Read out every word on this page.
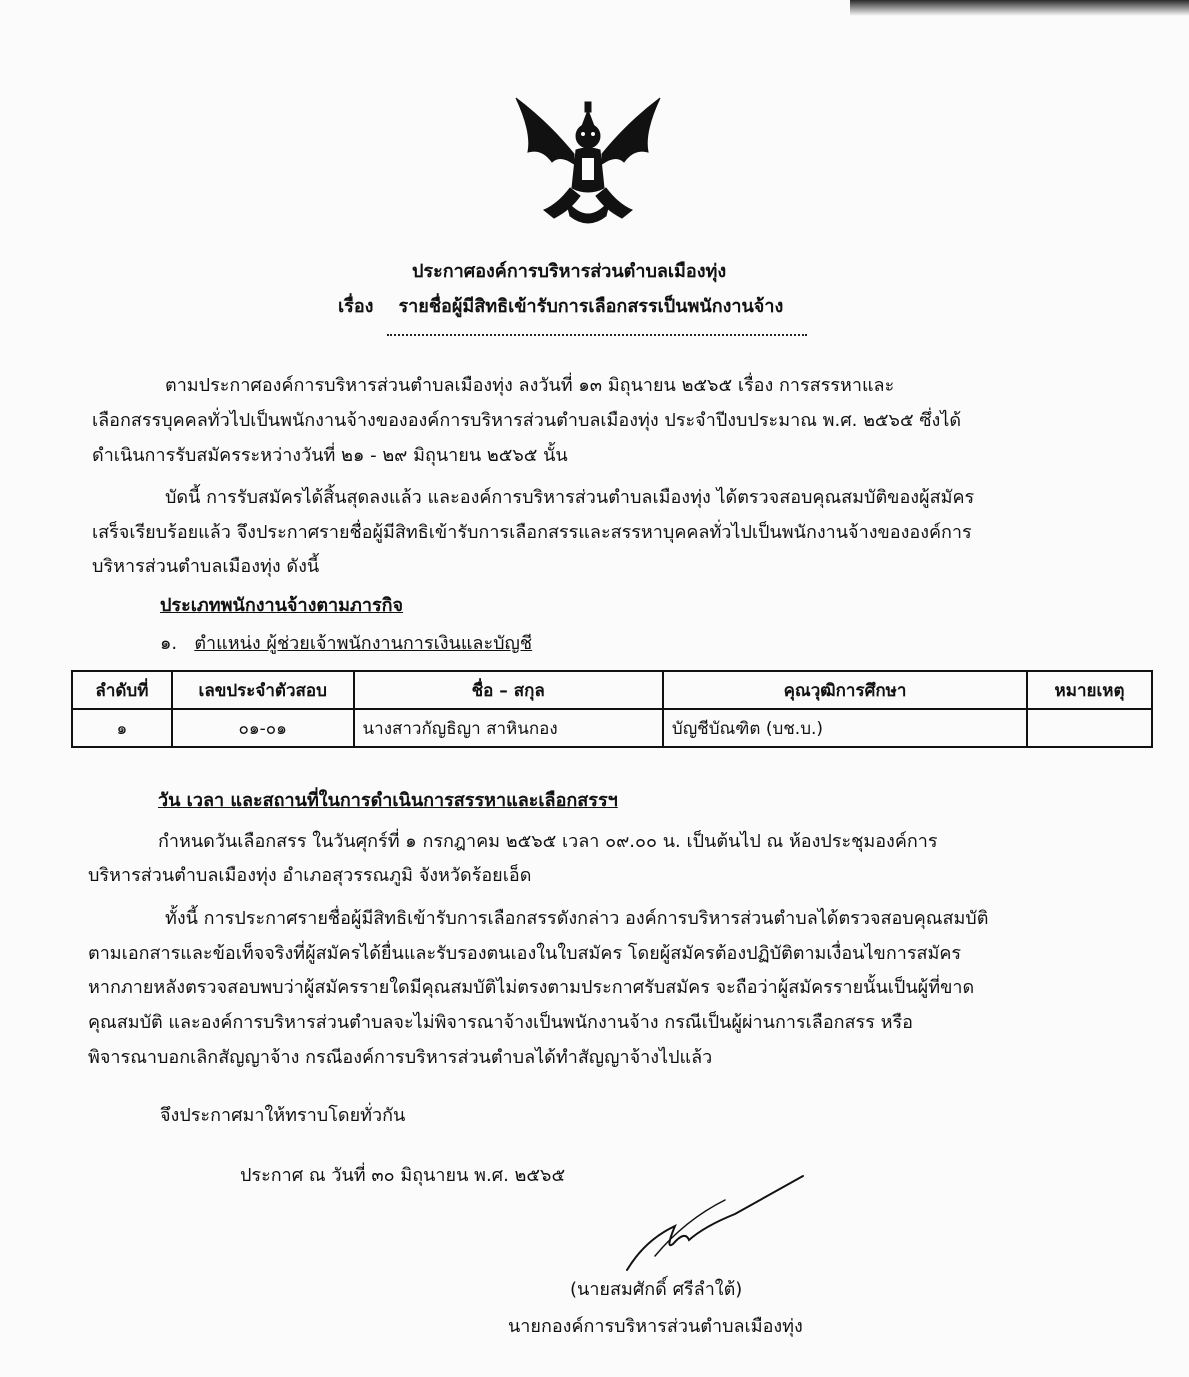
ประกาศองค์การบริหารส่วนตำบลเมืองทุ่ง
เรื่อง รายชื่อผู้มีสิทธิเข้ารับการเลือกสรรเป็นพนักงานจ้าง
ตามประกาศองค์การบริหารส่วนตำบลเมืองทุ่ง ลงวันที่ ๑๓ มิถุนายน ๒๕๖๕ เรื่อง การสรรหาและ
เลือกสรรบุคคลทั่วไปเป็นพนักงานจ้างขององค์การบริหารส่วนตำบลเมืองทุ่ง ประจำปีงบประมาณ พ.ศ. ๒๕๖๕ ซึ่งได้
ดำเนินการรับสมัครระหว่างวันที่ ๒๑ - ๒๙ มิถุนายน ๒๕๖๕ นั้น
บัดนี้ การรับสมัครได้สิ้นสุดลงแล้ว และองค์การบริหารส่วนตำบลเมืองทุ่ง ได้ตรวจสอบคุณสมบัติของผู้สมัคร
เสร็จเรียบร้อยแล้ว จึงประกาศรายชื่อผู้มีสิทธิเข้ารับการเลือกสรรและสรรหาบุคคลทั่วไปเป็นพนักงานจ้างขององค์การ
บริหารส่วนตำบลเมืองทุ่ง ดังนี้
ประเภทพนักงานจ้างตามภารกิจ
๑. ตำแหน่ง ผู้ช่วยเจ้าพนักงานการเงินและบัญชี
ลำดับที่	เลขประจำตัวสอบ	ชื่อ – สกุล	คุณวุฒิการศึกษา	หมายเหตุ
๑	๐๑-๐๑	นางสาวกัญธิญา สาหินกอง	บัญชีบัณฑิต (บช.บ.)	
วัน เวลา และสถานที่ในการดำเนินการสรรหาและเลือกสรรฯ
กำหนดวันเลือกสรร ในวันศุกร์ที่ ๑ กรกฎาคม ๒๕๖๕ เวลา ๐๙.๐๐ น. เป็นต้นไป ณ ห้องประชุมองค์การ
บริหารส่วนตำบลเมืองทุ่ง อำเภอสุวรรณภูมิ จังหวัดร้อยเอ็ด
ทั้งนี้ การประกาศรายชื่อผู้มีสิทธิเข้ารับการเลือกสรรดังกล่าว องค์การบริหารส่วนตำบลได้ตรวจสอบคุณสมบัติ
ตามเอกสารและข้อเท็จจริงที่ผู้สมัครได้ยื่นและรับรองตนเองในใบสมัคร โดยผู้สมัครต้องปฏิบัติตามเงื่อนไขการสมัคร
หากภายหลังตรวจสอบพบว่าผู้สมัครรายใดมีคุณสมบัติไม่ตรงตามประกาศรับสมัคร จะถือว่าผู้สมัครรายนั้นเป็นผู้ที่ขาด
คุณสมบัติ และองค์การบริหารส่วนตำบลจะไม่พิจารณาจ้างเป็นพนักงานจ้าง กรณีเป็นผู้ผ่านการเลือกสรร หรือ
พิจารณาบอกเลิกสัญญาจ้าง กรณีองค์การบริหารส่วนตำบลได้ทำสัญญาจ้างไปแล้ว
จึงประกาศมาให้ทราบโดยทั่วกัน
ประกาศ ณ วันที่ ๓๐ มิถุนายน พ.ศ. ๒๕๖๕
(นายสมศักดิ์ ศรีลำใต้)
นายกองค์การบริหารส่วนตำบลเมืองทุ่ง
